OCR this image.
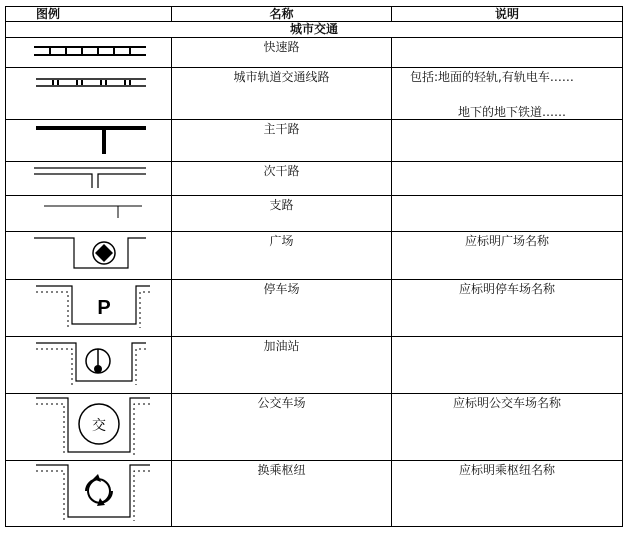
图例	名称	说明
城市交通		

	快速路	

	城市轨道交通线路	包括:地面的轻轨,有轨电车……
地下的地下铁道……

	主干路	

	次干路	

	支路	

	广场	应标明广场名称

P	停车场	应标明停车场名称

	加油站	

交	公交车场	应标明公交车场名称

	换乘枢纽	应标明乘枢纽名称
